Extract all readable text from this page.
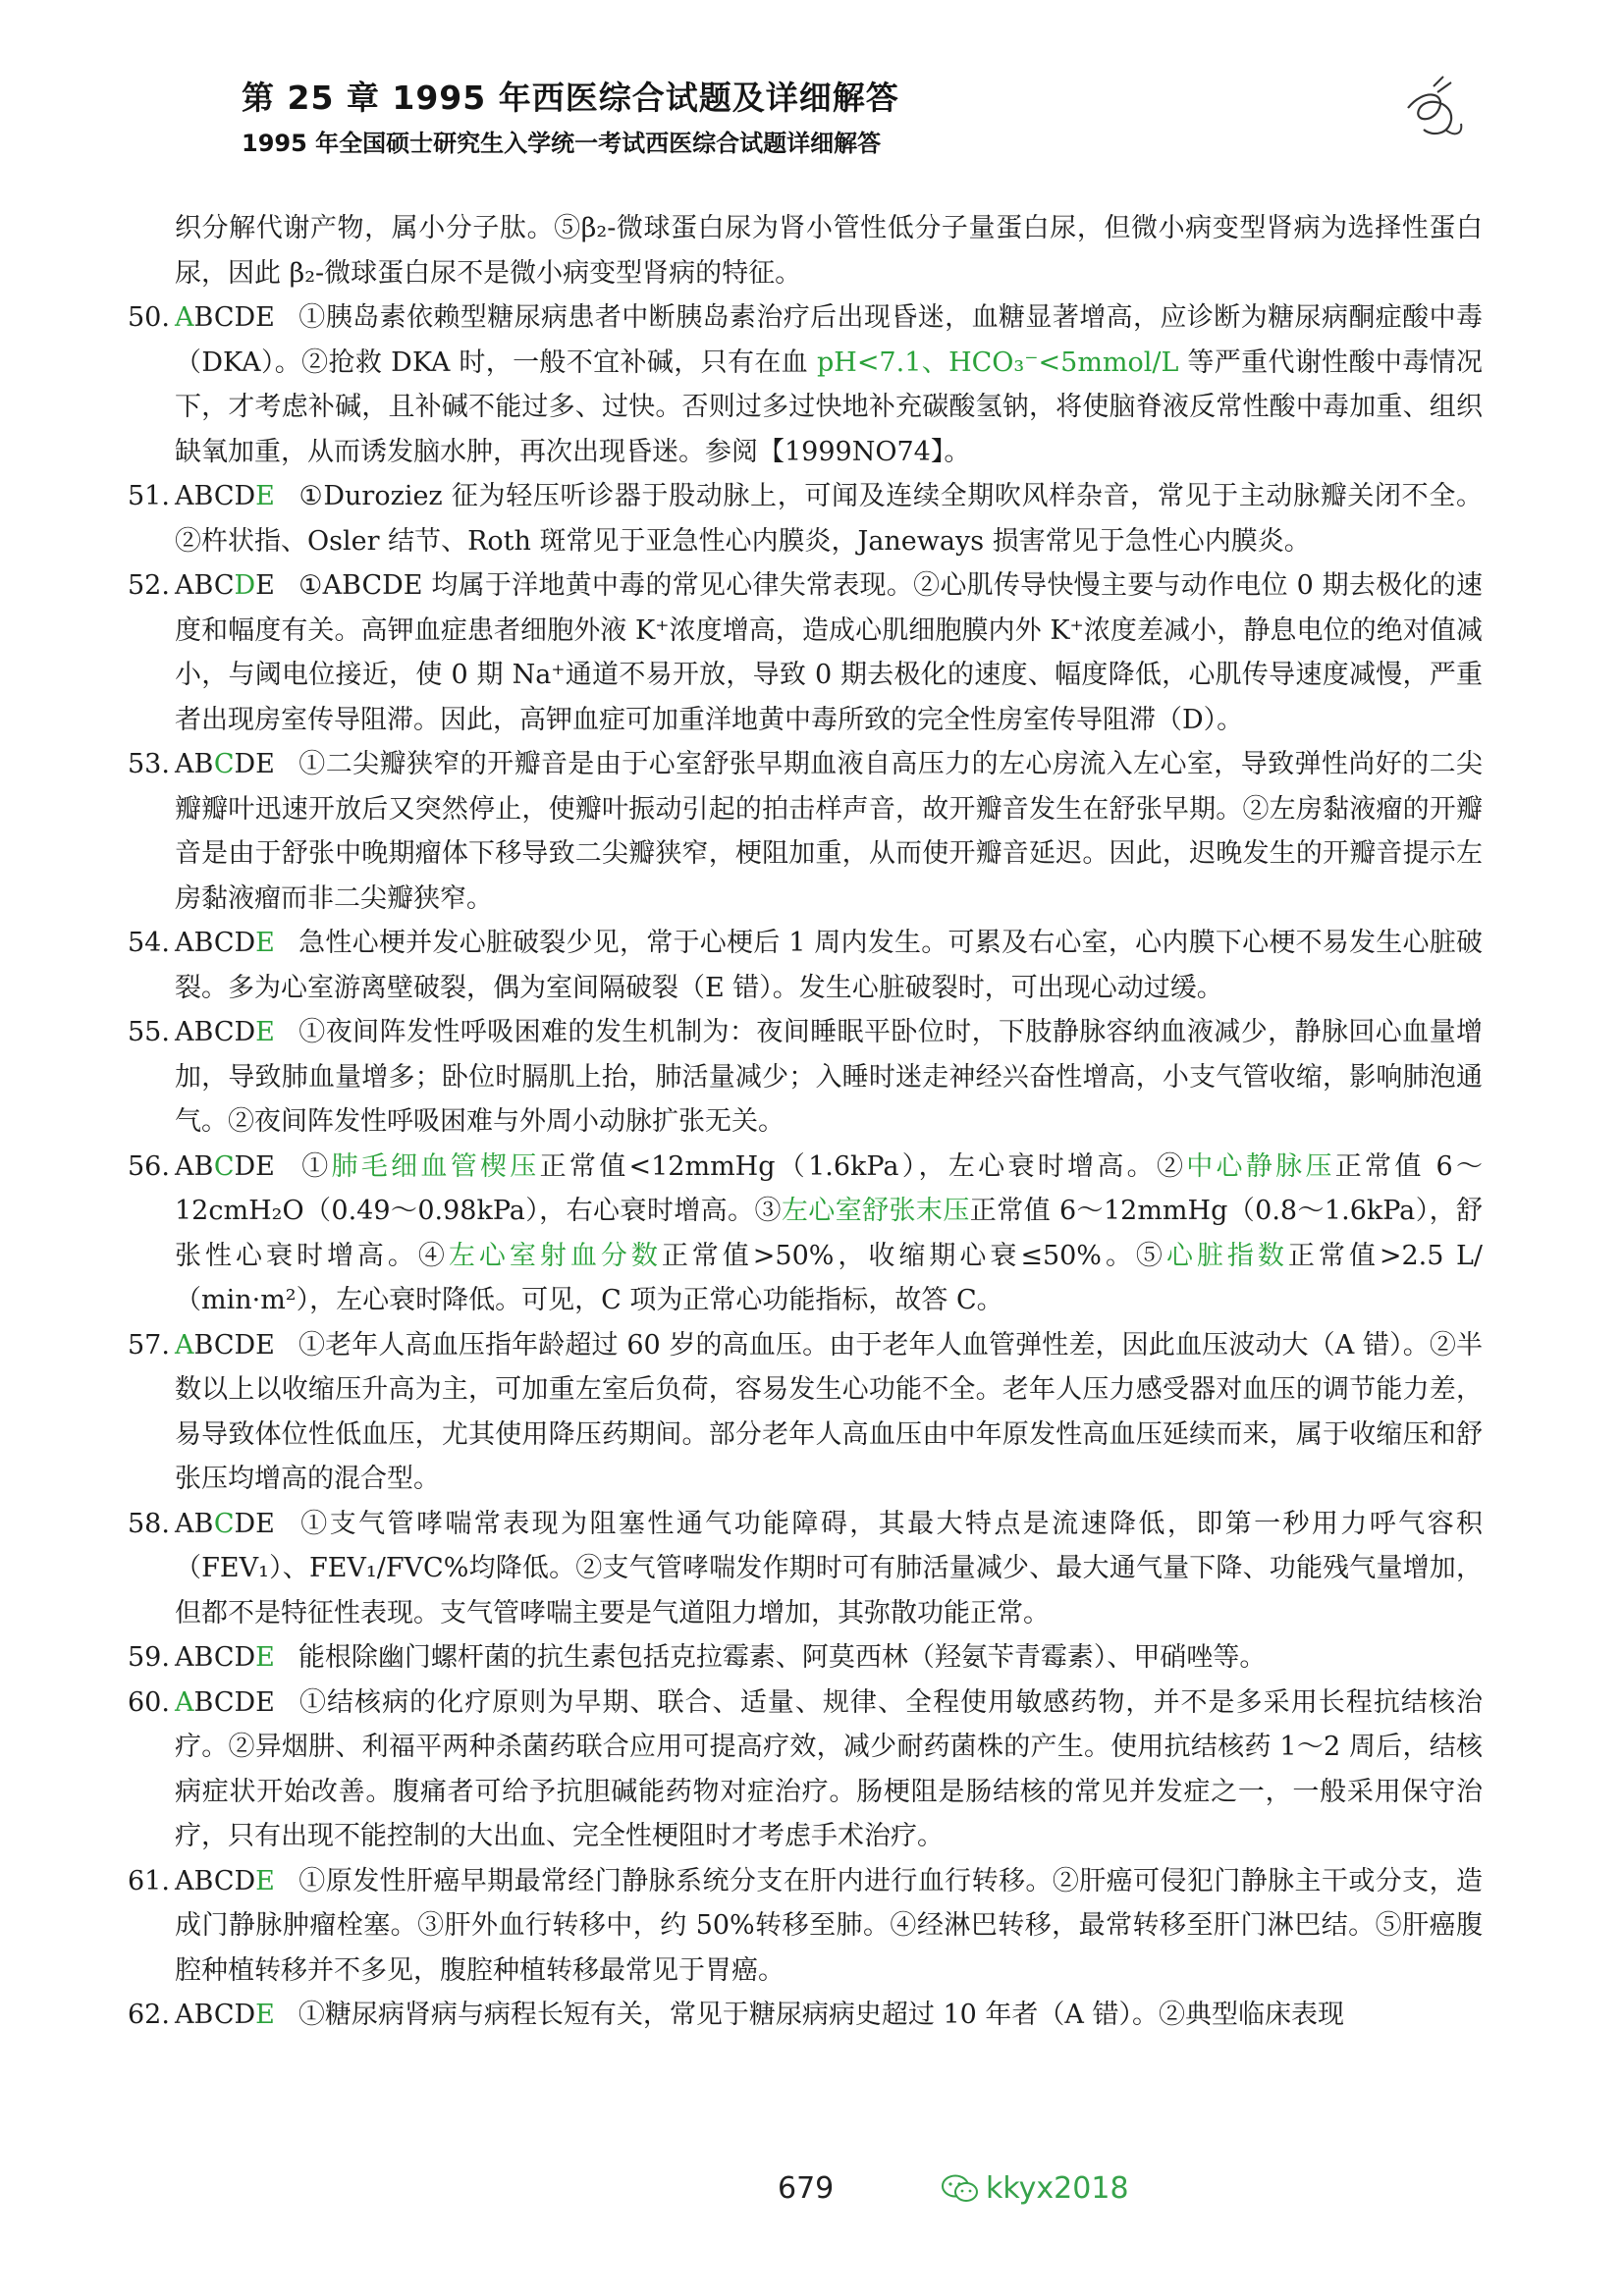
第 25 章 1995 年西医综合试题及详细解答
1995 年全国硕士研究生入学统一考试西医综合试题详细解答
织分解代谢产物，属小分子肽。⑤β₂-微球蛋白尿为肾小管性低分子量蛋白尿，但微小病变型肾病为选择性蛋白尿，因此 β₂-微球蛋白尿不是微小病变型肾病的特征。
50. ABCDE ①胰岛素依赖型糖尿病患者中断胰岛素治疗后出现昏迷，血糖显著增高，应诊断为糖尿病酮症酸中毒（DKA）。②抢救 DKA 时，一般不宜补碱，只有在血 pH<7.1、HCO₃⁻<5mmol/L 等严重代谢性酸中毒情况下，才考虑补碱，且补碱不能过多、过快。否则过多过快地补充碳酸氢钠，将使脑脊液反常性酸中毒加重、组织缺氧加重，从而诱发脑水肿，再次出现昏迷。参阅【1999NO74】。
51. ABCDE ①Duroziez 征为轻压听诊器于股动脉上，可闻及连续全期吹风样杂音，常见于主动脉瓣关闭不全。②杵状指、Osler 结节、Roth 斑常见于亚急性心内膜炎，Janeways 损害常见于急性心内膜炎。
52. ABCDE ①ABCDE 均属于洋地黄中毒的常见心律失常表现。②心肌传导快慢主要与动作电位 0 期去极化的速度和幅度有关。高钾血症患者细胞外液 K⁺浓度增高，造成心肌细胞膜内外 K⁺浓度差减小，静息电位的绝对值减小，与阈电位接近，使 0 期 Na⁺通道不易开放，导致 0 期去极化的速度、幅度降低，心肌传导速度减慢，严重者出现房室传导阻滞。因此，高钾血症可加重洋地黄中毒所致的完全性房室传导阻滞（D）。
53. ABCDE ①二尖瓣狭窄的开瓣音是由于心室舒张早期血液自高压力的左心房流入左心室，导致弹性尚好的二尖瓣瓣叶迅速开放后又突然停止，使瓣叶振动引起的拍击样声音，故开瓣音发生在舒张早期。②左房黏液瘤的开瓣音是由于舒张中晚期瘤体下移导致二尖瓣狭窄，梗阻加重，从而使开瓣音延迟。因此，迟晚发生的开瓣音提示左房黏液瘤而非二尖瓣狭窄。
54. ABCDE 急性心梗并发心脏破裂少见，常于心梗后 1 周内发生。可累及右心室，心内膜下心梗不易发生心脏破裂。多为心室游离壁破裂，偶为室间隔破裂（E 错）。发生心脏破裂时，可出现心动过缓。
55. ABCDE ①夜间阵发性呼吸困难的发生机制为：夜间睡眠平卧位时，下肢静脉容纳血液减少，静脉回心血量增加，导致肺血量增多；卧位时膈肌上抬，肺活量减少；入睡时迷走神经兴奋性增高，小支气管收缩，影响肺泡通气。②夜间阵发性呼吸困难与外周小动脉扩张无关。
56. ABCDE ①肺毛细血管楔压正常值<12mmHg（1.6kPa），左心衰时增高。②中心静脉压正常值 6～12cmH₂O（0.49～0.98kPa），右心衰时增高。③左心室舒张末压正常值 6～12mmHg（0.8～1.6kPa），舒张性心衰时增高。④左心室射血分数正常值>50%，收缩期心衰≤50%。⑤心脏指数正常值>2.5 L/（min·m²），左心衰时降低。可见，C 项为正常心功能指标，故答 C。
57. ABCDE ①老年人高血压指年龄超过 60 岁的高血压。由于老年人血管弹性差，因此血压波动大（A 错）。②半数以上以收缩压升高为主，可加重左室后负荷，容易发生心功能不全。老年人压力感受器对血压的调节能力差，易导致体位性低血压，尤其使用降压药期间。部分老年人高血压由中年原发性高血压延续而来，属于收缩压和舒张压均增高的混合型。
58. ABCDE ①支气管哮喘常表现为阻塞性通气功能障碍，其最大特点是流速降低，即第一秒用力呼气容积（FEV₁）、FEV₁/FVC%均降低。②支气管哮喘发作期时可有肺活量减少、最大通气量下降、功能残气量增加，但都不是特征性表现。支气管哮喘主要是气道阻力增加，其弥散功能正常。
59. ABCDE 能根除幽门螺杆菌的抗生素包括克拉霉素、阿莫西林（羟氨苄青霉素）、甲硝唑等。
60. ABCDE ①结核病的化疗原则为早期、联合、适量、规律、全程使用敏感药物，并不是多采用长程抗结核治疗。②异烟肼、利福平两种杀菌药联合应用可提高疗效，减少耐药菌株的产生。使用抗结核药 1～2 周后，结核病症状开始改善。腹痛者可给予抗胆碱能药物对症治疗。肠梗阻是肠结核的常见并发症之一，一般采用保守治疗，只有出现不能控制的大出血、完全性梗阻时才考虑手术治疗。
61. ABCDE ①原发性肝癌早期最常经门静脉系统分支在肝内进行血行转移。②肝癌可侵犯门静脉主干或分支，造成门静脉肿瘤栓塞。③肝外血行转移中，约 50%转移至肺。④经淋巴转移，最常转移至肝门淋巴结。⑤肝癌腹腔种植转移并不多见，腹腔种植转移最常见于胃癌。
62. ABCDE ①糖尿病肾病与病程长短有关，常见于糖尿病病史超过 10 年者（A 错）。②典型临床表现
679	kkyx2018
